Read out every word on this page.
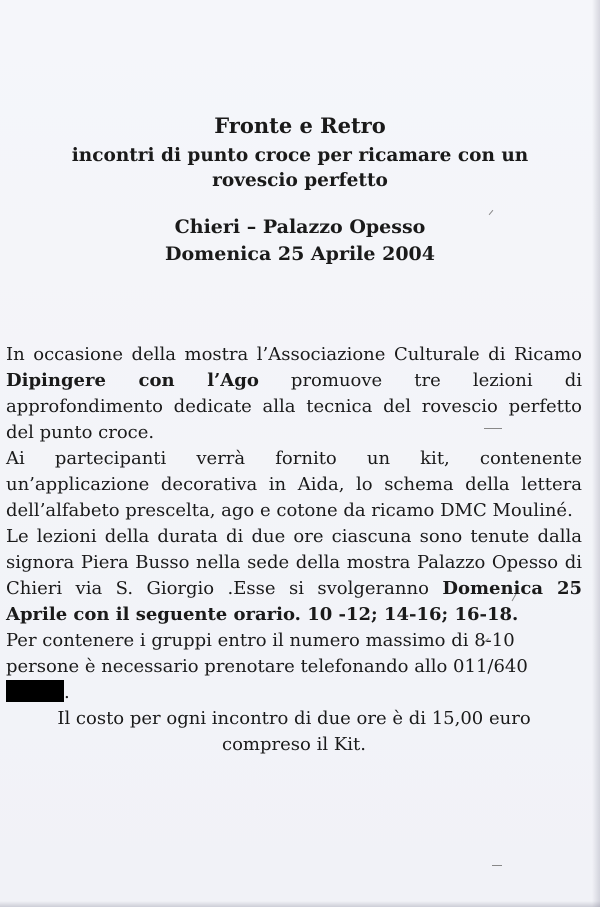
Fronte e Retro
incontri di punto croce per ricamare con un
rovescio perfetto
Chieri – Palazzo Opesso
Domenica 25 Aprile 2004

In occasione della mostra l’Associazione Culturale di Ricamo Dipingere con l’Ago promuove tre lezioni di approfondimento dedicate alla tecnica del rovescio perfetto del punto croce.

Ai partecipanti verrà fornito un kit, contenente un’applicazione decorativa in Aida, lo schema della lettera dell’alfabeto prescelta, ago e cotone da ricamo DMC Mouliné.

Le lezioni della durata di due ore ciascuna sono tenute dalla signora Piera Busso nella sede della mostra Palazzo Opesso di Chieri via S. Giorgio .Esse si svolgeranno Domenica 25 Aprile con il seguente orario. 10 -12; 14-16; 16-18.

Per contenere i gruppi entro il numero massimo di 8-10 persone è necessario prenotare telefonando allo 011/640.

Il costo per ogni incontro di due ore è di 15,00 euro

compreso il Kit.
